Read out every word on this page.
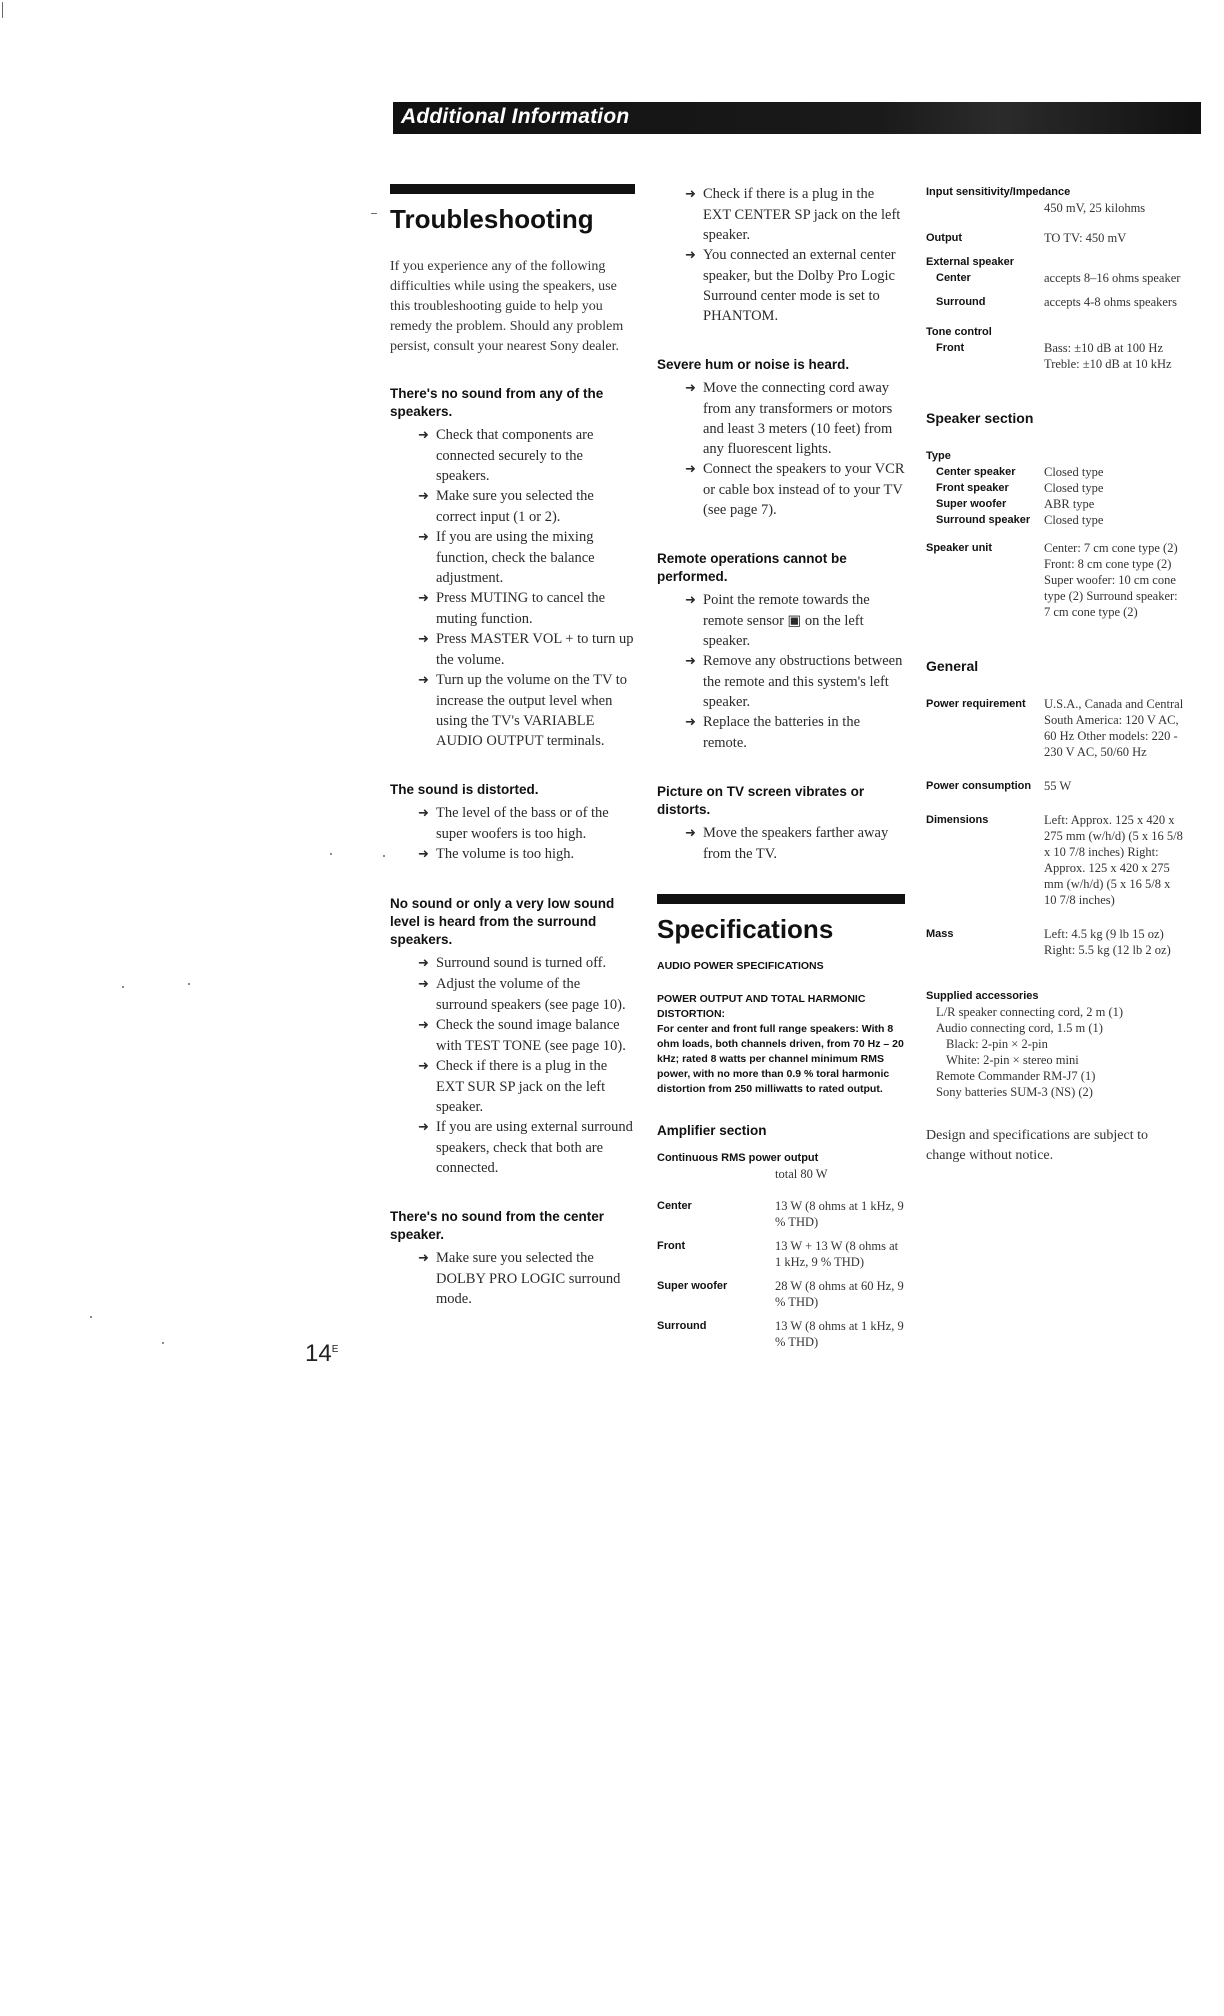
Additional Information
Troubleshooting

If you experience any of the following difficulties while using the speakers, use this troubleshooting guide to help you remedy the problem. Should any problem persist, consult your nearest Sony dealer.

There's no sound from any of the speakers.
➜ Check that components are connected securely to the speakers.
➜ Make sure you selected the correct input (1 or 2).
➜ If you are using the mixing function, check the balance adjustment.
➜ Press MUTING to cancel the muting function.
➜ Press MASTER VOL + to turn up the volume.
➜ Turn up the volume on the TV to increase the output level when using the TV's VARIABLE AUDIO OUTPUT terminals.
The sound is distorted.
➜ The level of the bass or of the super woofers is too high.
➜ The volume is too high.
No sound or only a very low sound level is heard from the surround speakers.
➜ Surround sound is turned off.
➜ Adjust the volume of the surround speakers (see page 10).
➜ Check the sound image balance with TEST TONE (see page 10).
➜ Check if there is a plug in the EXT SUR SP jack on the left speaker.
➜ If you are using external surround speakers, check that both are connected.
There's no sound from the center speaker.
➜ Make sure you selected the DOLBY PRO LOGIC surround mode.
➜ Check if there is a plug in the EXT CENTER SP jack on the left speaker.
➜ You connected an external center speaker, but the Dolby Pro Logic Surround center mode is set to PHANTOM.
Severe hum or noise is heard.
➜ Move the connecting cord away from any transformers or motors and least 3 meters (10 feet) from any fluorescent lights.
➜ Connect the speakers to your VCR or cable box instead of to your TV (see page 7).
Remote operations cannot be performed.
➜ Point the remote towards the remote sensor ▣ on the left speaker.
➜ Remove any obstructions between the remote and this system's left speaker.
➜ Replace the batteries in the remote.
Picture on TV screen vibrates or distorts.
➜ Move the speakers farther away from the TV.
Specifications
AUDIO POWER SPECIFICATIONS
POWER OUTPUT AND TOTAL HARMONIC DISTORTION:
For center and front full range speakers: With 8 ohm loads, both channels driven, from 70 Hz – 20 kHz; rated 8 watts per channel minimum RMS power, with no more than 0.9 % toral harmonic distortion from 250 milliwatts to rated output.
Amplifier section
Continuous RMS power output
total 80 W
Center	13 W (8 ohms at 1 kHz, 9 % THD)
Front	13 W + 13 W (8 ohms at 1 kHz, 9 % THD)
Super woofer	28 W (8 ohms at 60 Hz, 9 % THD)
Surround	13 W (8 ohms at 1 kHz, 9 % THD)
Input sensitivity/Impedance	
	450 mV, 25 kilohms
Output	TO TV: 450 mV
External speaker	
Center	accepts 8–16 ohms speaker
Surround	accepts 4-8 ohms speakers
Tone control	
Front	Bass: ±10 dB at 100 Hz Treble: ±10 dB at 10 kHz
Speaker section
Type
Center speaker	Closed type
Front speaker	Closed type
Super woofer	ABR type
Surround speaker	Closed type
Speaker unit	Center: 7 cm cone type (2) Front: 8 cm cone type (2) Super woofer: 10 cm cone type (2) Surround speaker: 7 cm cone type (2)
General
Power requirement	U.S.A., Canada and Central South America: 120 V AC, 60 Hz Other models: 220 - 230 V AC, 50/60 Hz
Power consumption	55 W
Dimensions	Left: Approx. 125 x 420 x 275 mm (w/h/d) (5 x 16 5/8 x 10 7/8 inches) Right: Approx. 125 x 420 x 275 mm (w/h/d) (5 x 16 5/8 x 10 7/8 inches)
Mass	Left: 4.5 kg (9 lb 15 oz) Right: 5.5 kg (12 lb 2 oz)
Supplied accessories
L/R speaker connecting cord, 2 m (1)
Audio connecting cord, 1.5 m (1)
Black: 2-pin × 2-pin
White: 2-pin × stereo mini
Remote Commander RM-J7 (1)
Sony batteries SUM-3 (NS) (2)
Design and specifications are subject to change without notice.
$14^E$
